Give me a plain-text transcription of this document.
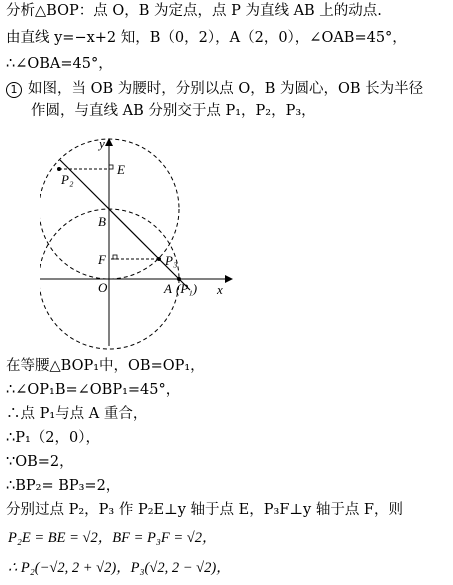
分析△BOP：点 O，B 为定点，点 P 为直线 AB 上的动点.
由直线 y=−x+2 知，B（0，2），A（2，0），∠OAB=45°，
∴∠OBA=45°，
1 如图，当 OB 为腰时，分别以点 O，B 为圆心，OB 长为半径
作圆，与直线 AB 分别交于点 P₁，P₂，P₃，
y
x
O
B
E
F
P₂
P₃
A (P₁)
在等腰△BOP₁中，OB=OP₁，
∴∠OP₁B=∠OBP₁=45°，
∴点 P₁与点 A 重合，
∴P₁（2，0），
∵OB=2，
∴BP₂= BP₃=2，
分别过点 P₂，P₃ 作 P₂E⊥y 轴于点 E，P₃F⊥y 轴于点 F，则
P₂E = BE = √2，BF = P₃F = √2，
∴ P₂(−√2, 2 + √2)，P₃(√2, 2 − √2)，
